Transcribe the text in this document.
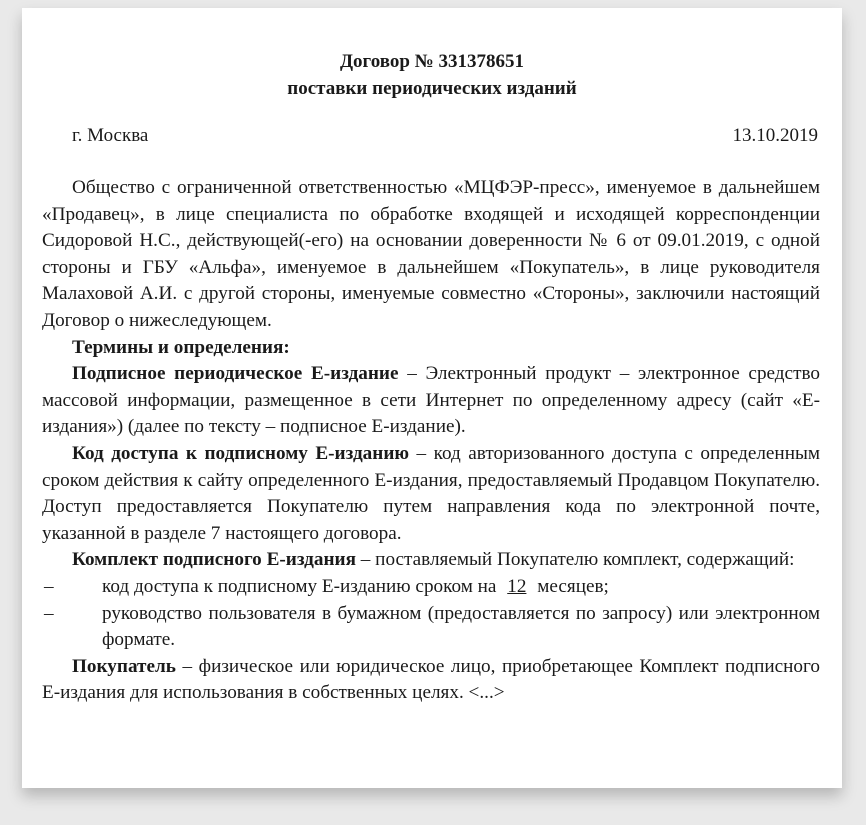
Договор № 331378651
поставки периодических изданий
г. Москва	13.10.2019

Общество с ограниченной ответственностью «МЦФЭР-пресс», именуемое в дальнейшем «Продавец», в лице специалиста по обработке входящей и исходящей корреспонденции Сидоровой Н.С., действующей(-его) на основании доверенности № 6 от 09.01.2019, с одной стороны и ГБУ «Альфа», именуемое в дальнейшем «Покупатель», в лице руководителя Малаховой А.И. с другой стороны, именуемые совместно «Стороны», заключили настоящий Договор о нижеследующем.

Термины и определения:

Подписное периодическое Е-издание – Электронный продукт – электронное средство массовой информации, размещенное в сети Интернет по определенному адресу (сайт «Е-издания») (далее по тексту – подписное Е-издание).

Код доступа к подписному Е-изданию – код авторизованного доступа с определенным сроком действия к сайту определенного Е-издания, предоставляемый Продавцом Покупателю. Доступ предоставляется Покупателю путем направления кода по электронной почте, указанной в разделе 7 настоящего договора.

Комплект подписного Е-издания – поставляемый Покупателю комплект, содержащий:

–	код доступа к подписному Е-изданию сроком на 12 месяцев;

–	руководство пользователя в бумажном (предоставляется по запросу) или электронном формате.

Покупатель – физическое или юридическое лицо, приобретающее Комплект подписного Е-издания для использования в собственных целях. <...>
